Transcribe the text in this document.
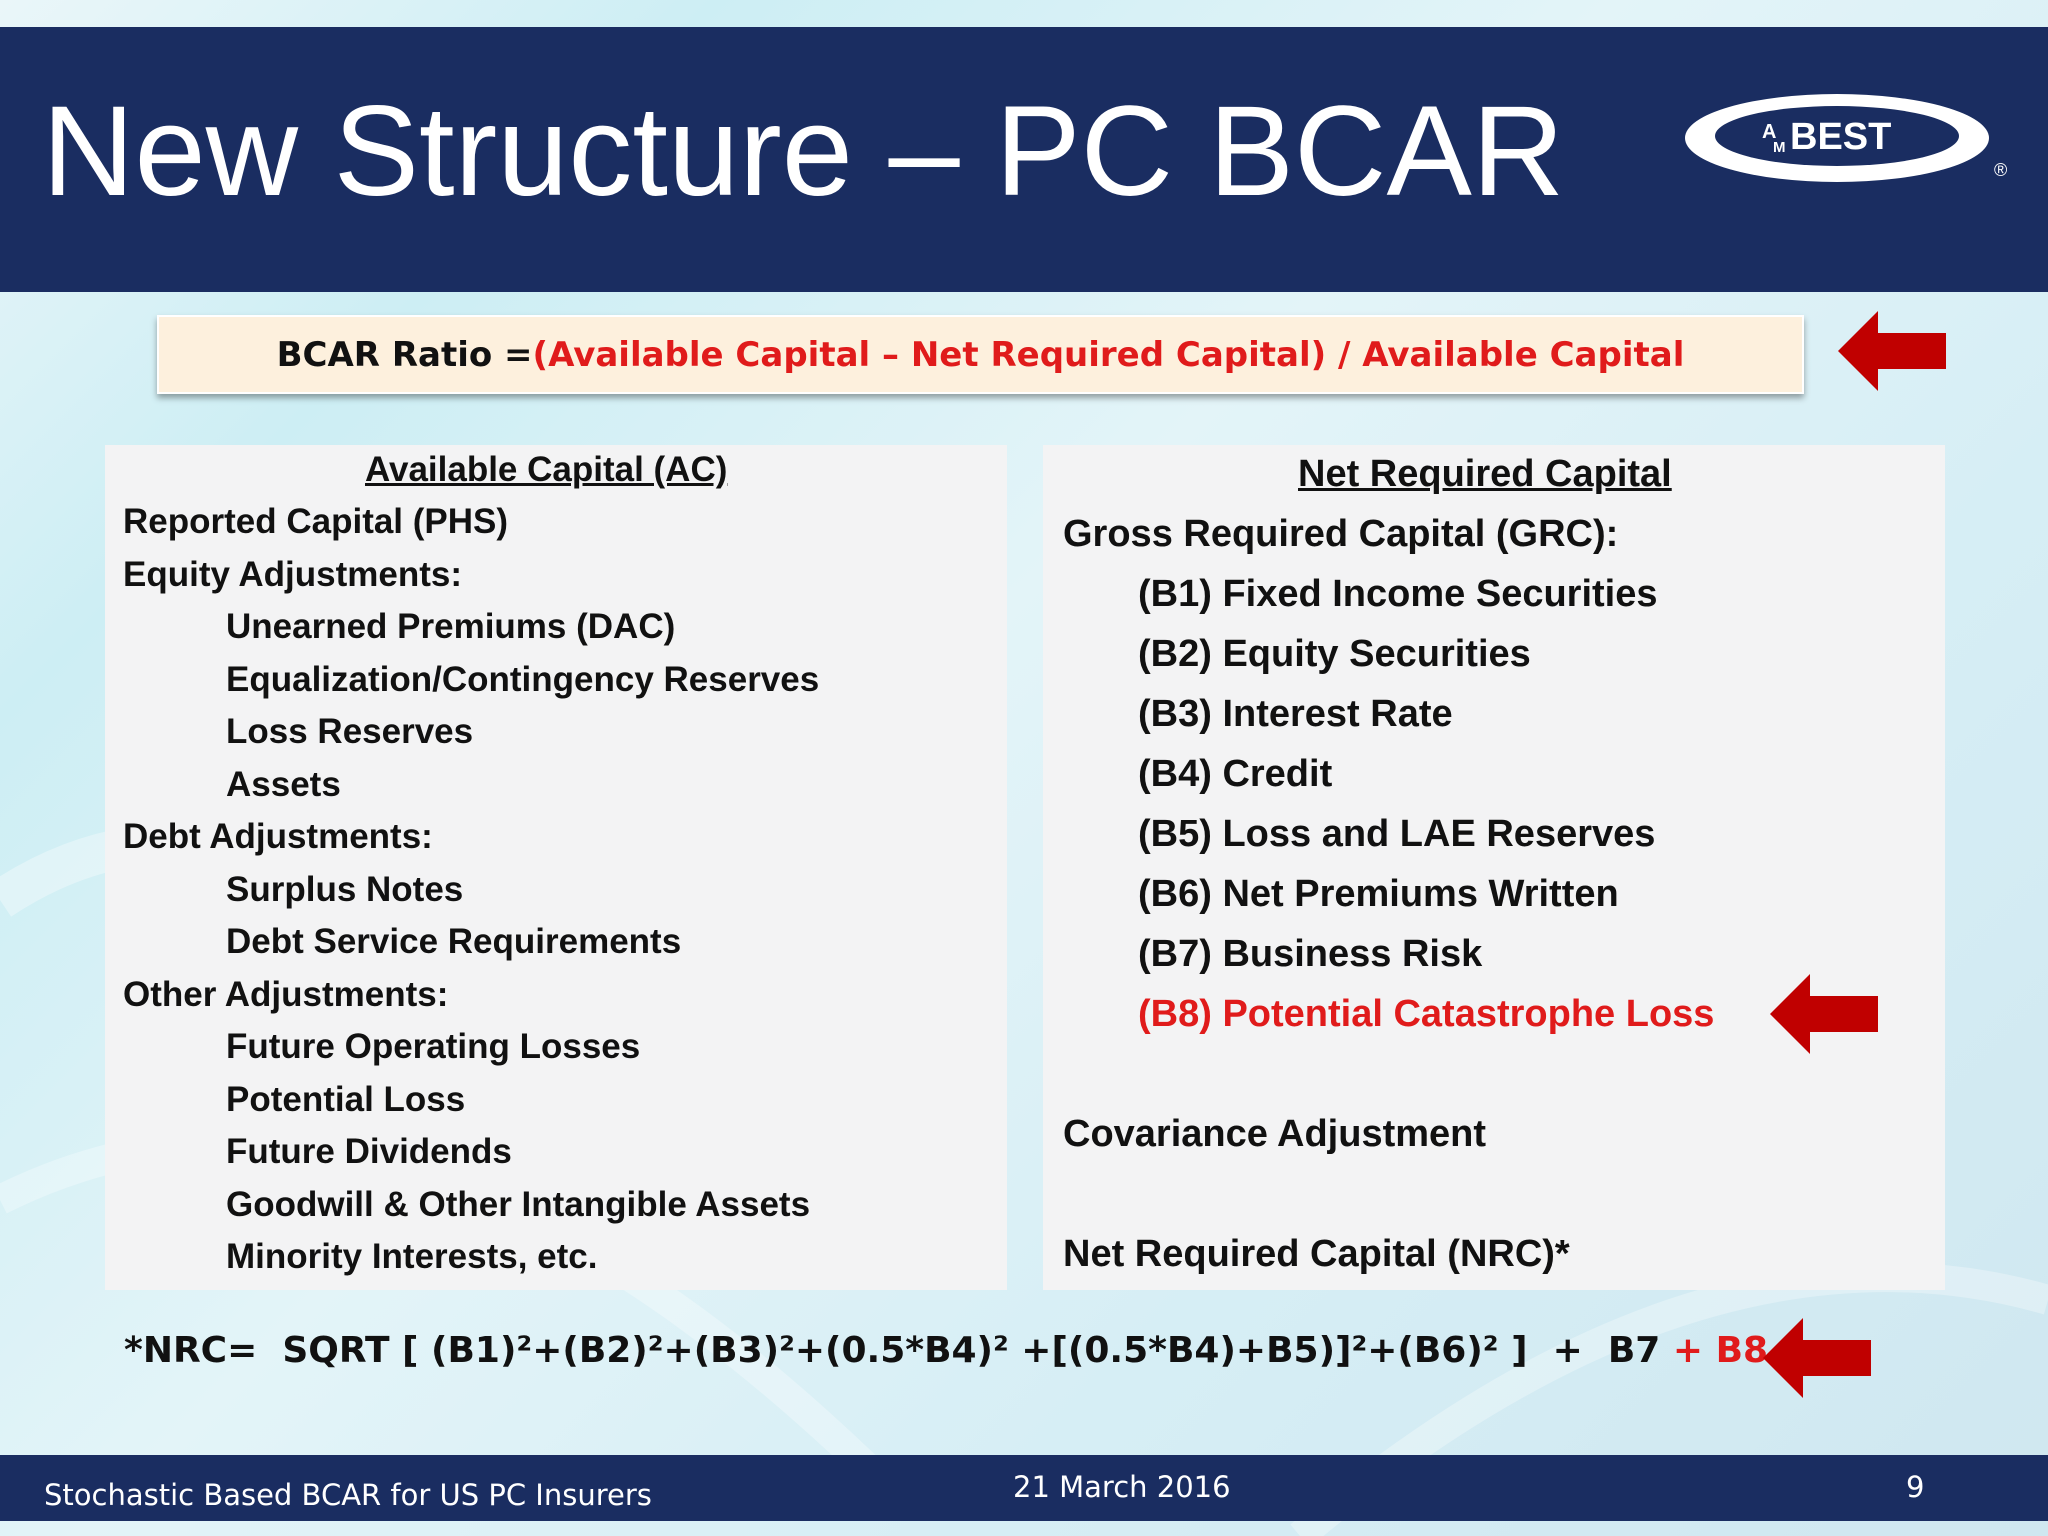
New Structure – PC BCAR	A
M BEST
®
BCAR Ratio = (Available Capital – Net Required Capital) / Available Capital
Available Capital (AC)
Reported Capital (PHS)
Equity Adjustments:
Unearned Premiums (DAC)
Equalization/Contingency Reserves
Loss Reserves
Assets
Debt Adjustments:
Surplus Notes
Debt Service Requirements
Other Adjustments:
Future Operating Losses
Potential Loss
Future Dividends
Goodwill & Other Intangible Assets
Minority Interests, etc.
Net Required Capital
Gross Required Capital (GRC):
(B1) Fixed Income Securities
(B2) Equity Securities
(B3) Interest Rate
(B4) Credit
(B5) Loss and LAE Reserves
(B6) Net Premiums Written
(B7) Business Risk
(B8) Potential Catastrophe Loss
Covariance Adjustment
Net Required Capital (NRC)*
*NRC=  SQRT [ (B1)²+(B2)²+(B3)²+(0.5*B4)² +[(0.5*B4)+B5)]²+(B6)² ]  +  B7 + B8
Stochastic Based BCAR for US PC Insurers	21 March 2016	9
